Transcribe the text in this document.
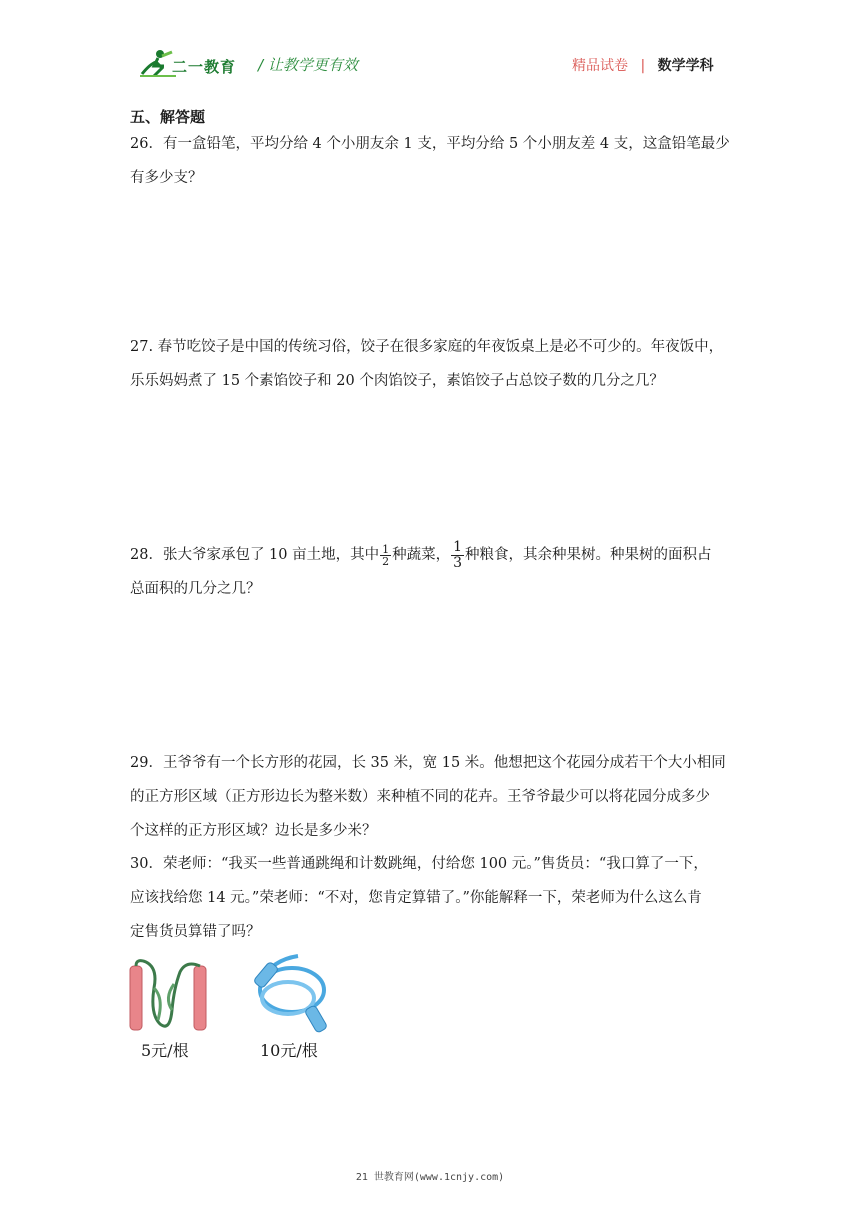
二一教育 / 让教学更有效	精品试卷 | 数学学科
五、解答题
26．有一盒铅笔，平均分给 4 个小朋友余 1 支，平均分给 5 个小朋友差 4 支，这盒铅笔最少
有多少支？
27. 春节吃饺子是中国的传统习俗，饺子在很多家庭的年夜饭桌上是必不可少的。年夜饭中，
乐乐妈妈煮了 15 个素馅饺子和 20 个肉馅饺子，素馅饺子占总饺子数的几分之几？
28．张大爷家承包了 10 亩土地，其中 $\frac{1}{2}$ 种蔬菜， $\frac{1}{3}$ 种粮食，其余种果树。种果树的面积占
总面积的几分之几？
29．王爷爷有一个长方形的花园，长 35 米，宽 15 米。他想把这个花园分成若干个大小相同
的正方形区域（正方形边长为整米数）来种植不同的花卉。王爷爷最少可以将花园分成多少
个这样的正方形区域？边长是多少米？
30．荣老师：“我买一些普通跳绳和计数跳绳，付给您 100 元。”售货员：“我口算了一下，
应该找给您 14 元。”荣老师：“不对，您肯定算错了。”你能解释一下，荣老师为什么这么肯
定售货员算错了吗？
5元/根	10元/根
21 世教育网(www.1cnjy.com)
